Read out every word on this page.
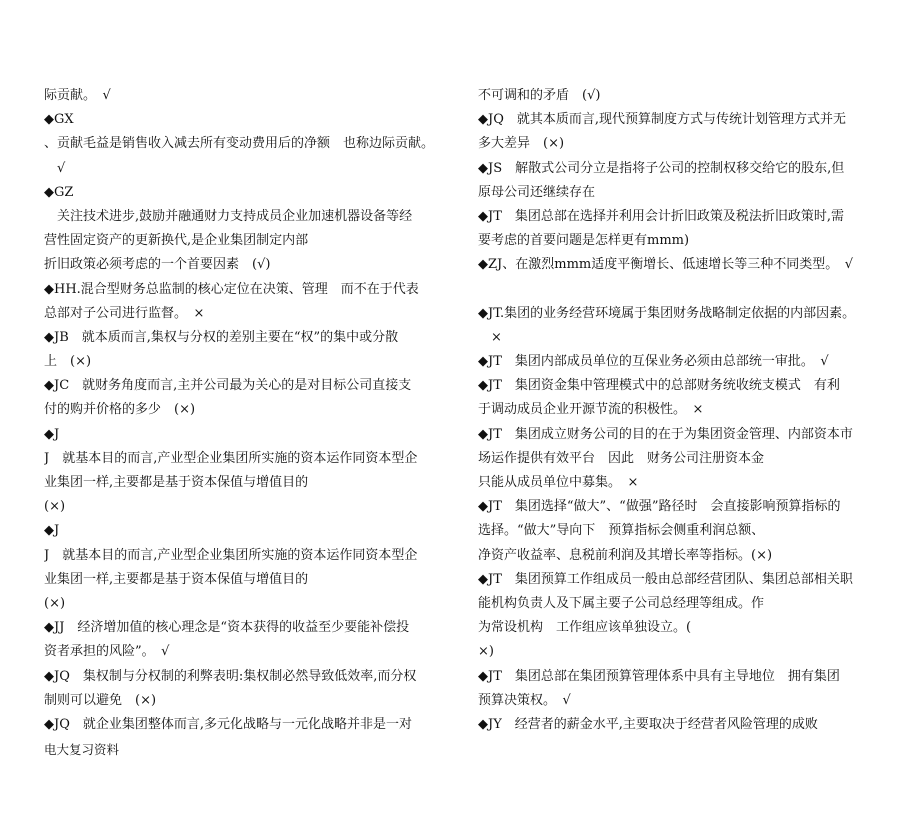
际贡献。　√
◆GX
、贡献毛益是销售收入减去所有变动费用后的净额　也称边际贡献。
　√
◆GZ
　关注技术进步,鼓励并融通财力支持成员企业加速机器设备等经
营性固定资产的更新换代,是企业集团制定内部
折旧政策必须考虑的一个首要因素　(√)
◆HH.混合型财务总监制的核心定位在决策、管理　而不在于代表
总部对子公司进行监督。　×
◆JB　就本质而言,集权与分权的差别主要在“权”的集中或分散
上　(×)
◆JC　就财务角度而言,主并公司最为关心的是对目标公司直接支
付的购并价格的多少　(×)
◆J
J　就基本目的而言,产业型企业集团所实施的资本运作同资本型企
业集团一样,主要都是基于资本保值与增值目的
(×)
◆J
J　就基本目的而言,产业型企业集团所实施的资本运作同资本型企
业集团一样,主要都是基于资本保值与增值目的
(×)
◆JJ　经济增加值的核心理念是“资本获得的收益至少要能补偿投
资者承担的风险”。　√
◆JQ　集权制与分权制的利弊表明:集权制必然导致低效率,而分权
制则可以避免　(×)
◆JQ　就企业集团整体而言,多元化战略与一元化战略并非是一对
不可调和的矛盾　(√)
◆JQ　就其本质而言,现代预算制度方式与传统计划管理方式并无
多大差异　(×)
◆JS　解散式公司分立是指将子公司的控制权移交给它的股东,但
原母公司还继续存在
◆JT　集团总部在选择并利用会计折旧政策及税法折旧政策时,需
要考虑的首要问题是怎样更有mmm)
◆ZJ、在激烈mmm适度平衡增长、低速增长等三种不同类型。　√
◆JT.集团的业务经营环境属于集团财务战略制定依据的内部因素。
　×
◆JT　集团内部成员单位的互保业务必须由总部统一审批。　√
◆JT　集团资金集中管理模式中的总部财务统收统支模式　有利
于调动成员企业开源节流的积极性。　×
◆JT　集团成立财务公司的目的在于为集团资金管理、内部资本市
场运作提供有效平台　因此　财务公司注册资本金
只能从成员单位中募集。　×
◆JT　集团选择“做大”、“做强”路径时　会直接影响预算指标的
选择。“做大”导向下　预算指标会侧重利润总额、
净资产收益率、息税前利润及其增长率等指标。(×)
◆JT　集团预算工作组成员一般由总部经营团队、集团总部相关职
能机构负责人及下属主要子公司总经理等组成。作
为常设机构　工作组应该单独设立。(
×)
◆JT　集团总部在集团预算管理体系中具有主导地位　拥有集团
预算决策权。　√
◆JY　经营者的薪金水平,主要取决于经营者风险管理的成败
电大复习资料
